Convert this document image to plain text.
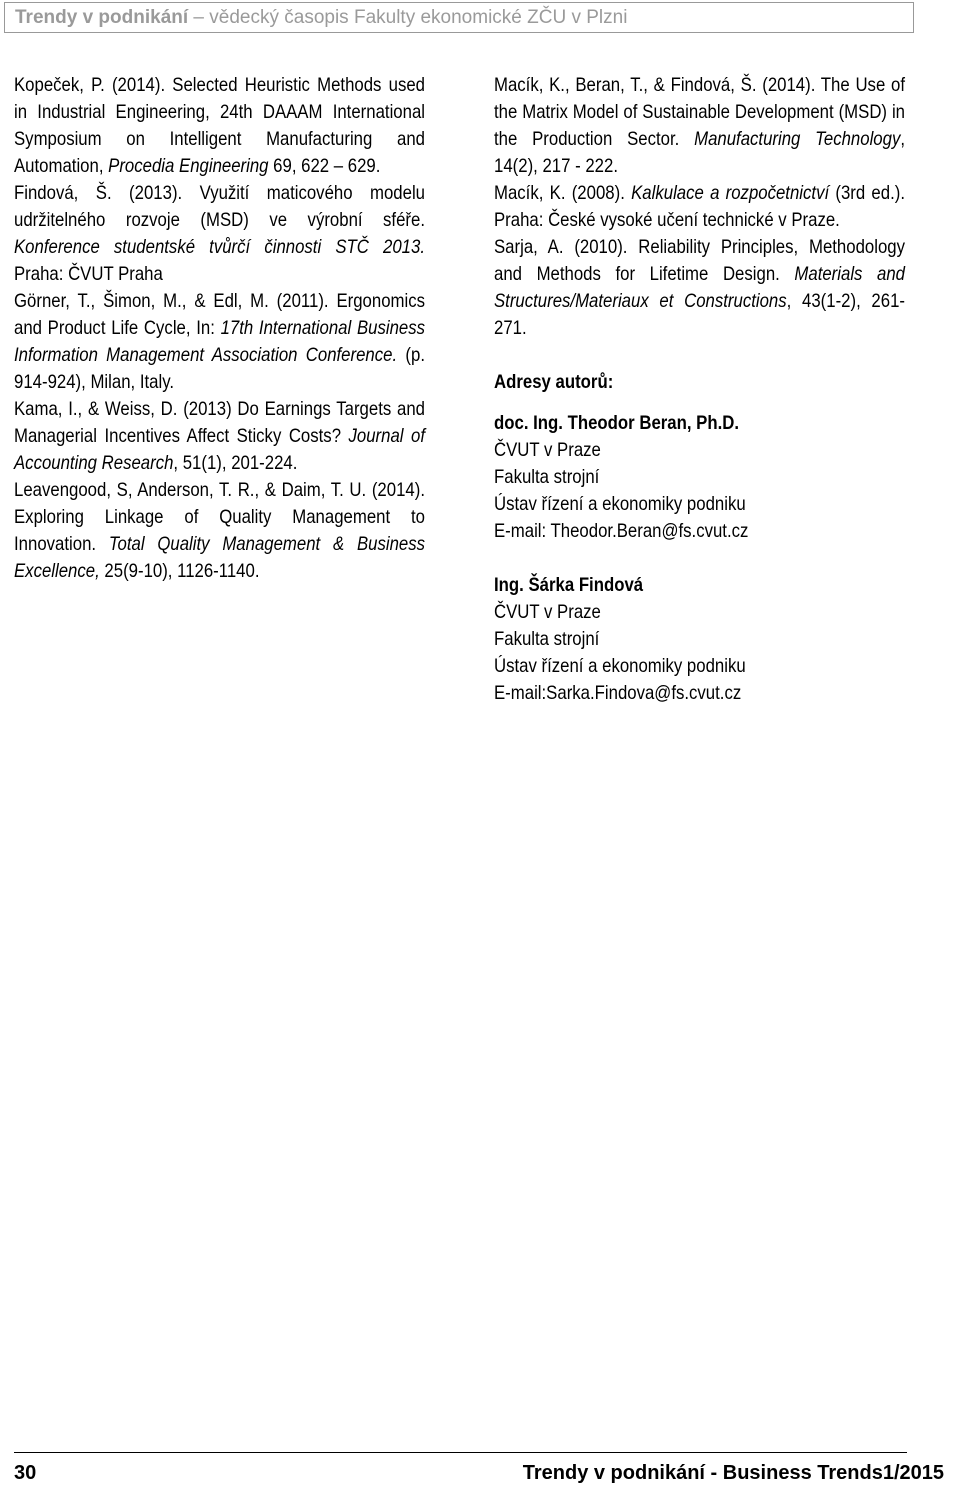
Trendy v podnikání – vědecký časopis Fakulty ekonomické ZČU v Plzni

Kopeček, P. (2014). Selected Heuristic Methods used in Industrial Engineering, 24th DAAAM International Symposium on Intelligent Manufacturing and Automation, Procedia Engineering 69, 622 – 629.

Findová, Š. (2013). Využití maticového modelu udržitelného rozvoje (MSD) ve výrobní sféře. Konference studentské tvůrčí činnosti STČ 2013. Praha: ČVUT Praha

Görner, T., Šimon, M., & Edl, M. (2011). Ergonomics and Product Life Cycle, In: 17th International Business Information Management Association Conference. (p. 914-924), Milan, Italy.

Kama, I., & Weiss, D. (2013) Do Earnings Targets and Managerial Incentives Affect Sticky Costs? Journal of Accounting Research, 51(1), 201-224.

Leavengood, S, Anderson, T. R., & Daim, T. U. (2014). Exploring Linkage of Quality Management to Innovation. Total Quality Management & Business Excellence, 25(9-10), 1126-1140.

Macík, K., Beran, T., & Findová, Š. (2014). The Use of the Matrix Model of Sustainable Development (MSD) in the Production Sector. Manufacturing Technology, 14(2), 217 - 222.

Macík, K. (2008). Kalkulace a rozpočetnictví (3rd ed.). Praha: České vysoké učení technické v Praze.

Sarja, A. (2010). Reliability Principles, Methodology and Methods for Lifetime Design. Materials and Structures/Materiaux et Constructions, 43(1-2), 261-271.

Adresy autorů:

doc. Ing. Theodor Beran, Ph.D.

ČVUT v Praze

Fakulta strojní

Ústav řízení a ekonomiky podniku

E-mail: Theodor.Beran@fs.cvut.cz

Ing. Šárka Findová

ČVUT v Praze

Fakulta strojní

Ústav řízení a ekonomiky podniku

E-mail:Sarka.Findova@fs.cvut.cz

30	Trendy v podnikání - Business Trends1/2015
